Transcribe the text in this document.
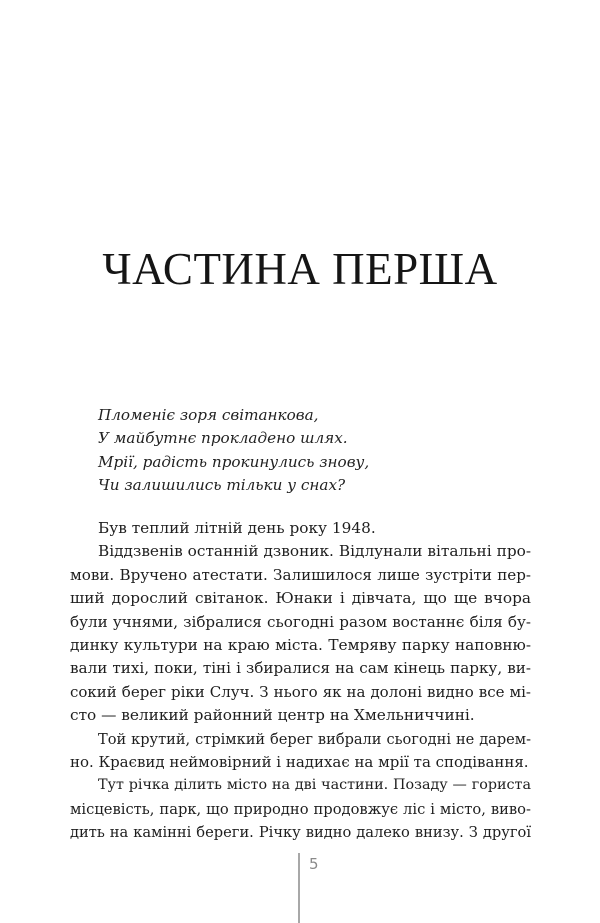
ЧАСТИНА ПЕРША
Пломеніє зоря світанкова,
У майбутнє прокладено шлях.
Мрії, радість прокинулись знову,
Чи залишились тільки у снах?
Був теплий літній день року 1948.
Віддзвенів останній дзвоник. Відлунали вітальні про-
мови. Вручено атестати. Залишилося лише зустріти пер-
ший дорослий світанок. Юнаки і дівчата, що ще вчора
були учнями, зібралися сьогодні разом востаннє біля бу-
динку культури на краю міста. Темряву парку наповню-
вали тихі, поки, тіні і збиралися на сам кінець парку, ви-
сокий берег ріки Случ. З нього як на долоні видно все мі-
сто — великий районний центр на Хмельниччині.
Той крутий, стрімкий берег вибрали сьогодні не дарем-
но. Краєвид неймовірний і надихає на мрії та сподівання.
Тут річка ділить місто на дві частини. Позаду — гориста
місцевість, парк, що природно продовжує ліс і місто, виво-
дить на камінні береги. Річку видно далеко внизу. З другої
5
